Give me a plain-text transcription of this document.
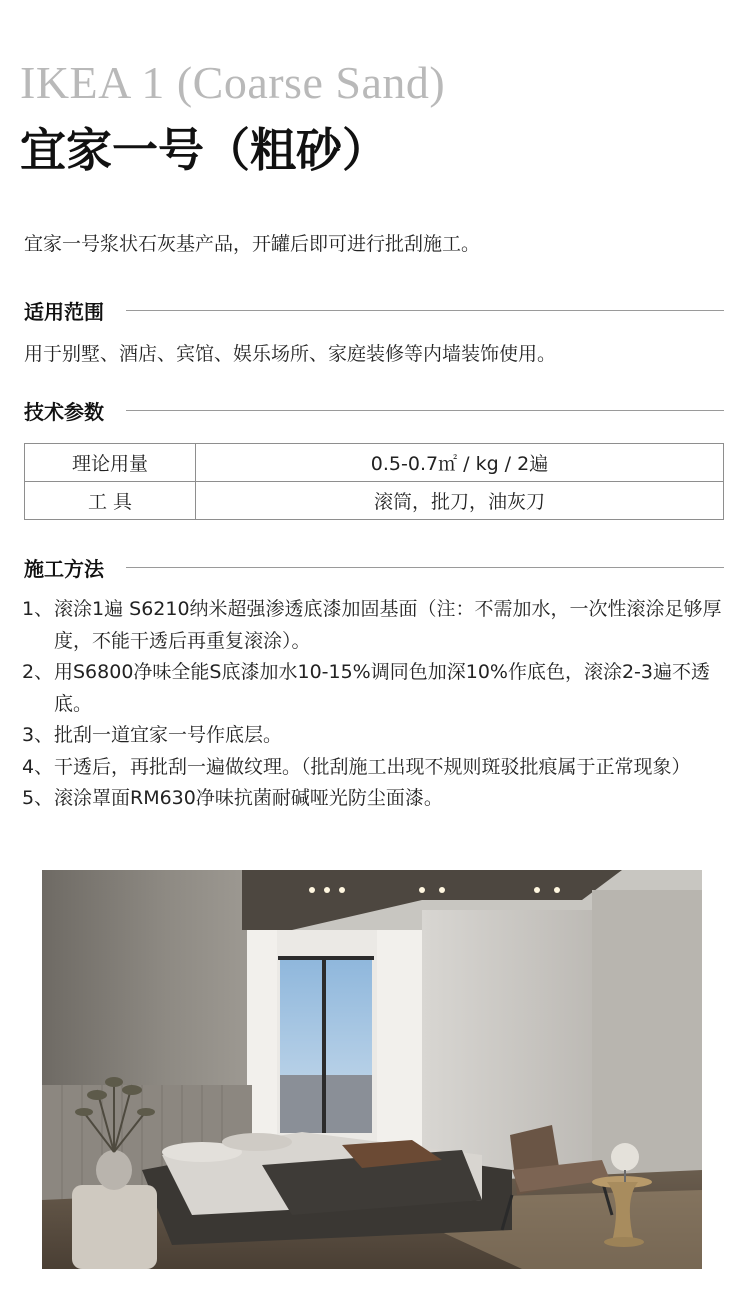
IKEA 1 (Coarse Sand)
宜家一号（粗砂）
宜家一号浆状石灰基产品，开罐后即可进行批刮施工。
适用范围
用于别墅、酒店、宾馆、娱乐场所、家庭装修等内墙装饰使用。
技术参数
理论用量	0.5-0.7㎡ / kg / 2遍
工 具	滚筒，批刀，油灰刀
施工方法
1、 滚涂1遍 S6210纳米超强渗透底漆加固基面（注：不需加水，一次性滚涂足够厚度，不能干透后再重复滚涂）。
2、 用S6800净味全能S底漆加水10-15%调同色加深10%作底色，滚涂2-3遍不透底。
3、 批刮一道宜家一号作底层。
4、 干透后，再批刮一遍做纹理。（批刮施工出现不规则斑驳批痕属于正常现象）
5、 滚涂罩面RM630净味抗菌耐碱哑光防尘面漆。
